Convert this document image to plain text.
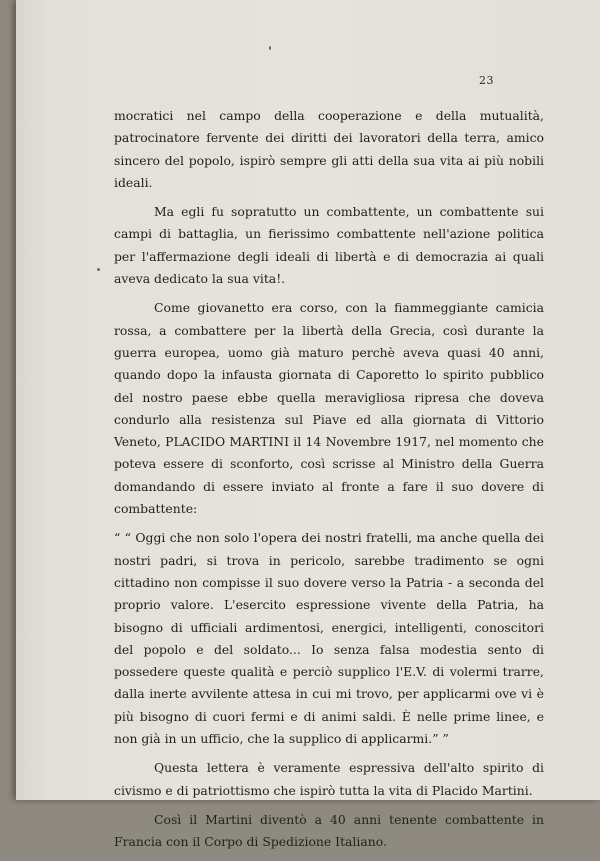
23

mocratici nel campo della cooperazione e della mutualità, patrocinatore fervente dei diritti dei lavoratori della terra, amico sincero del popolo, ispirò sempre gli atti della sua vita ai più nobili ideali.

Ma egli fu sopratutto un combattente, un combattente sui campi di battaglia, un fierissimo combattente nell'azione politica per l'affermazione degli ideali di libertà e di democrazia ai quali aveva dedicato la sua vita!.

Come giovanetto era corso, con la fiammeggiante camicia rossa, a combattere per la libertà della Grecia, così durante la guerra europea, uomo già maturo perchè aveva quasi 40 anni, quando dopo la infausta giornata di Caporetto lo spirito pubblico del nostro paese ebbe quella meravigliosa ripresa che doveva condurlo alla resistenza sul Piave ed alla giornata di Vittorio Veneto, PLACIDO MARTINI il 14 Novembre 1917, nel momento che poteva essere di sconforto, così scrisse al Ministro della Guerra domandando di essere inviato al fronte a fare il suo dovere di combattente:

“ “ Oggi che non solo l'opera dei nostri fratelli, ma anche quella dei nostri padri, si trova in pericolo, sarebbe tradimento se ogni cittadino non compisse il suo dovere verso la Patria - a seconda del proprio valore. L'esercito espressione vivente della Patria, ha bisogno di ufficiali ardimentosi, energici, intelligenti, conoscitori del popolo e del soldato... Io senza falsa modestia sento di possedere queste qualità e perciò supplico l'E.V. di volermi trarre, dalla inerte avvilente attesa in cui mi trovo, per applicarmi ove vi è più bisogno di cuori fermi e di animi saldi. È nelle prime linee, e non già in un ufficio, che la supplico di applicarmi.” ”

Questa lettera è veramente espressiva dell'alto spirito di civismo e di patriottismo che ispirò tutta la vita di Placido Martini.

Così il Martini diventò a 40 anni tenente combattente in Francia con il Corpo di Spedizione Italiano.
